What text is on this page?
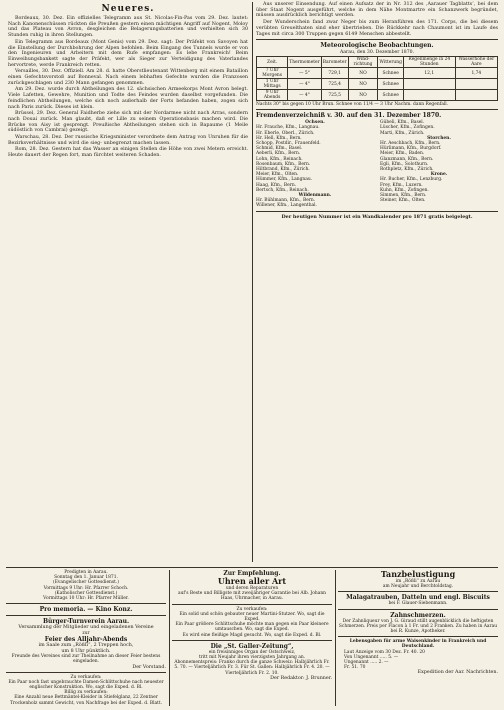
Neueres.

Bordeaux, 30. Dez. Ein offizielles Telegramm aus St. Nicolas-Fin-Pas vom 29. Dez. lautet: Nach Kanonenschüssen rückten die Preußen gestern einen mächtigen Angriff auf Nogent, Moloy und das Plateau von Avron, desgleichen die Belagerungsbatterien und verhielten sich 30 Stunden ruhig in ihren Stellungen.

Ein Telegramm aus Bordeaux (Mont Genis) vom 29. Dez. sagt: Der Präfekt von Savoyen hat die Einstellung der Durchbohrung der Alpen befohlen. Beim Eingang des Tunnels wurde er von den Ingenieuren und Arbeitern mit dem Rufe empfangen: Es lebe Frankreich! Beim Einweihungsbankett sagte der Präfekt, wer als Sieger zur Verteidigung des Vaterlandes hervortrete, werde Frankreich retten.

Versailles, 30. Dez. Offiziell. Am 28. d. hatte Oberstlieutenant Wittenberg mit einem Bataillon einen Gefechtsvorstoß auf Bonneval. Nach einem lebhaften Gefechte wurden die Franzosen zurückgeschlagen und 230 Mann gefangen genommen.

Am 29. Dez. wurde durch Abtheilungen des 12. sächsischen Armeekorps Mont Avron belegt. Viele Lafetten, Gewehre, Munition und Todte des Feindes wurden daselbst vorgefunden. Die feindlichen Abtheilungen, welche sich noch außerhalb der Forts befanden haben, zogen sich nach Paris zurück. Dieses ist klein.

Brüssel, 29. Dez. General Faidherbe ziehe sich mit der Nordarmee nicht nach Arras, sondern nach Douai zurück. Man glaubt, daß er Lille zu seinem Operationsbasis machen wird. Die Brücke von Aisy ist gesprengt. Preußische Abtheilungen stehen sich in Bapaume (1 Meile südöstlich von Cambrai) gezeigt.

Warschau, 28. Dez. Der russische Kriegsminister verordnete dem Antrag von Unruhen für die Bezirksverhältnisse und wird die sieg- unbegrenzt machen lassen.

Rom, 28. Dez. Gestern hat das Wasser an einigen Stellen die Höhe von zwei Metern erreicht. Heute dauert der Regen fort, man fürchtet weiteren Schaden.

Aus unserer Einsendung. Auf einen Aufsatz der in Nr. 312 des ‚Aarauer Tagblatts‘, bei dem über Staat Nogent ausgeführt, welche in dem Nähe Montmartre ein Schanzwerk begründet, müssen ausdrücklich berichtigt werden.

Der Wunderschein fand zwar Neger bis zum Heranführen des 171. Corps, die bei diesem verübten Greuelthaten sind eher übertrieben. Die Rückkehr nach Chaumont ist im Laufe des Tages mit circa 300 Truppen gegen 6149 Menschen abbestellt.

Meteorologische Beobachtungen.
Aarau, den 30. Dezember 1870.
Zeit.	Thermometer	Barometer	Wind-richtung	Witterung	Regenmenge in 24 Stunden	Wasserhöhe der Aare
7 Uhr Morgens	— 5°	729,1	NO	Schnee	12,1	1,74
1 Uhr Mittags	— 4°	725,4	NO	Schnee		
9 Uhr Abends	— 4°	725,5	NO	Schnee		
Nachts 30° bis gegen 10 Uhr Brun. Schnee von 11/4 — 3 Uhr Nachm. dann Regenfall.
Fremdenverzeichniß v. 30. auf den 31. Dezember 1870.
Ochsen.
Hr. Frauche, Kfm., Langnau.
Hr. Eberle, Oberl., Zürich.
Hr. Hell, Kfm., Bern.
Schopp, Postdir., Frauenfeld.
Schmid, Kfm., Basel.
Aeberli, Kfm., Bern.
Lohn, Kfm., Reinach.
Rosenbaum, Kfm., Bern.
Hiltbrand, Kfm., Zürich.
Meier, Kfm., Olten.
Hümmer, Kfm., Langnau.
Haag, Kfm., Bern.
Bertsch, Kfm., Reinach.
Wildenmann.
Hr. Bühlmann, Kfm., Bern.
Willener, Kfm., Langenthal.
Gübeli, Kfm., Basel.
Lüscher, Kfm., Zofingen.
Marti, Kfm., Zürich.
Storchen.
Hr. Aeschbach, Kfm., Bern.
Hürlimann, Kfm., Burgdorf.
Meier, Kfm., Baden.
Glanzmann, Kfm., Bern.
Egli, Kfm., Solothurn.
Rothpletz, Kfm., Zürich.
Krone.
Hr. Bucher, Kfm., Lenzburg.
Frey, Kfm., Luzern.
Kuhn, Kfm., Zofingen.
Simmen, Kfm., Bern.
Steiner, Kfm., Olten.
Der heutigen Nummer ist ein Wandkalender pro 1871 gratis beigelegt.
Predigten in Aarau.
Sonntag den 1. Januar 1871.
(Evangelischer Gottesdienst.)
Vormittags 9 Uhr: Hr. Pfarrer Schoch.
(Katholischer Gottesdienst.)
Vormittags 10 Uhr: Hr. Pfarrer Müller.
Pro memoria. — Kino Konz.
Bürger-Turnverein Aarau.
Versammlung der Mitglieder und eingeladenen Vereine
zur
Feier des Alljahr-Abends
im Saale zum „Rößli“, 2 Treppen hoch,
um 8 Uhr pünktlich.
Freunde des Vereines sind zur Theilnahme an dieser Feier bestens eingeladen.
Der Vorstand.
Zu verkaufen:
Ein Paar noch fast ungebrauchte Damen-Schlittschuhe nach neuester englischer Konstruktion. Wo, sagt die Exped. d. Bl.
Billig zu verkaufen:
Eine Anzahl neue Bettmäntel-Kleider in Stiefelglanz, 22 Zentner Trockenholz sammt Gewicht, von Nachfrage bei der Exped. d. Blatt.
Zur Empfehlung.
Uhren aller Art
und deren Reparaturen
auf's Beste und Billigste mit zweijähriger Garantie bei Alb. Johann Haas, Uhrmacher, in Aarau.
Zu verkaufen:
Ein solid und schön gebauter neuer Martini-Stutzer. Wo, sagt die Exped.
Ein Paar größere Schlittschuhe möchte man gegen ein Paar kleinere umtauschen. Wo, sagt die Exped.
Es wird eine fleißige Magd gesucht. Wo, sagt die Exped. d. Bl.
Die „St. Galler-Zeitung“,
ein freisinniges Organ der Ostschweiz,
tritt mit Neujahr ihren vierzigsten Jahrgang an.
Abonnementspreis: Franko durch die ganze Schweiz: Halbjährlich Fr. 5. 70. — Vierteljährlich Fr. 3. Für St. Gallen: Halbjährlich Fr. 4. 20. — Vierteljährlich Fr. 2. 10.
Der Redaktor: J. Brunner.
Tanzbelustigung
im „Rößli“ zu Aarau
am Neujahr und Berchtoldstag.
Malagatrauben, Datteln und engl. Biscuits
bei F. Glauer-Siebenmann.
Zahnschmerzen.
Der Zahnliqueur von J. G. Giraud stillt augenblicklich die heftigsten Schmerzen. Preis per Flacon à 1 Fr. und 2 Franken. Zu haben in Aarau bei R. Kunze, Apotheker.
Lebensgaben für arme Waisenkinder in Frankreich und Deutschland.
Laut Anzeige vom 30 Dez. Fr. 40. 20
Von Ungenannt ..... 5. —
Ungenannt ..... 2. —
Fr. 51. 70
Expedition der Aar. Nachrichten.
